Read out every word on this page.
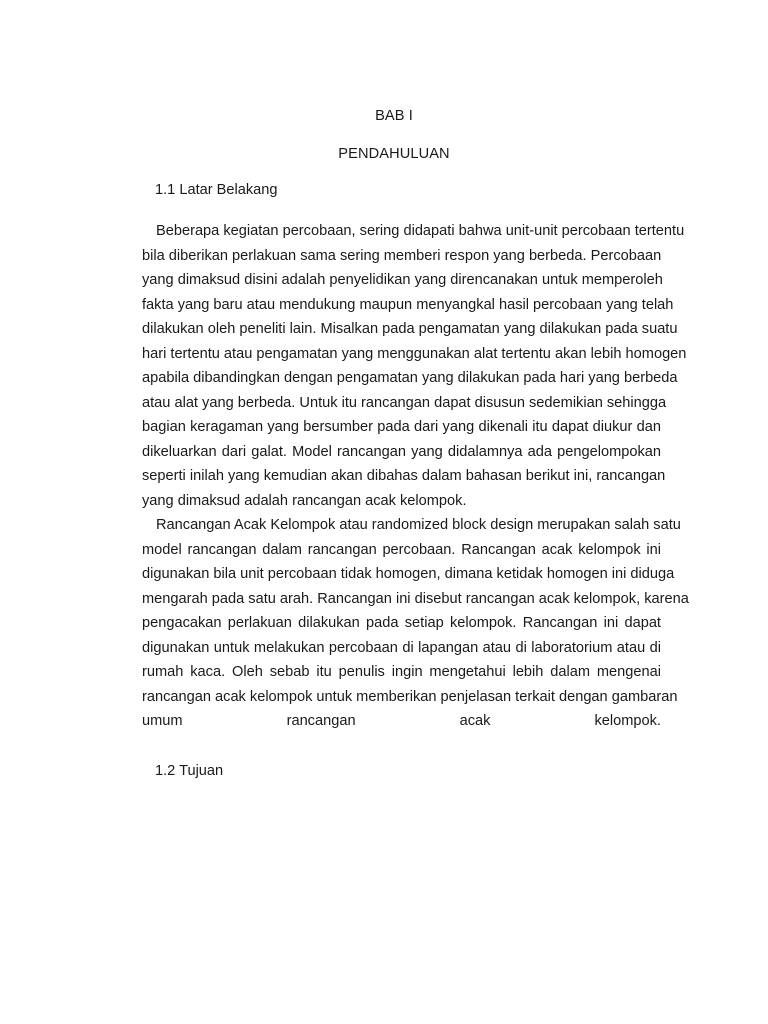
BAB I
PENDAHULUAN
1.1 Latar Belakang
Beberapa kegiatan percobaan, sering didapati bahwa unit-unit percobaan tertentu
bila diberikan perlakuan sama sering memberi respon yang berbeda. Percobaan
yang dimaksud disini adalah penyelidikan yang direncanakan untuk memperoleh
fakta yang baru atau mendukung maupun menyangkal hasil percobaan yang telah
dilakukan oleh peneliti lain. Misalkan pada pengamatan yang dilakukan pada suatu
hari tertentu atau pengamatan yang menggunakan alat tertentu akan lebih homogen
apabila dibandingkan dengan pengamatan yang dilakukan pada hari yang berbeda
atau alat yang berbeda. Untuk itu rancangan dapat disusun sedemikian sehingga
bagian keragaman yang bersumber pada dari yang dikenali itu dapat diukur dan
dikeluarkan dari galat. Model rancangan yang didalamnya ada pengelompokan
seperti inilah yang kemudian akan dibahas dalam bahasan berikut ini, rancangan
yang dimaksud adalah rancangan acak kelompok.
Rancangan Acak Kelompok atau randomized block design merupakan salah satu
model rancangan dalam rancangan percobaan. Rancangan acak kelompok ini
digunakan bila unit percobaan tidak homogen, dimana ketidak homogen ini diduga
mengarah pada satu arah. Rancangan ini disebut rancangan acak kelompok, karena
pengacakan perlakuan dilakukan pada setiap kelompok. Rancangan ini dapat
digunakan untuk melakukan percobaan di lapangan atau di laboratorium atau di
rumah kaca. Oleh sebab itu penulis ingin mengetahui lebih dalam mengenai
rancangan acak kelompok untuk memberikan penjelasan terkait dengan gambaran
umum rancangan acak kelompok.
1.2 Tujuan
